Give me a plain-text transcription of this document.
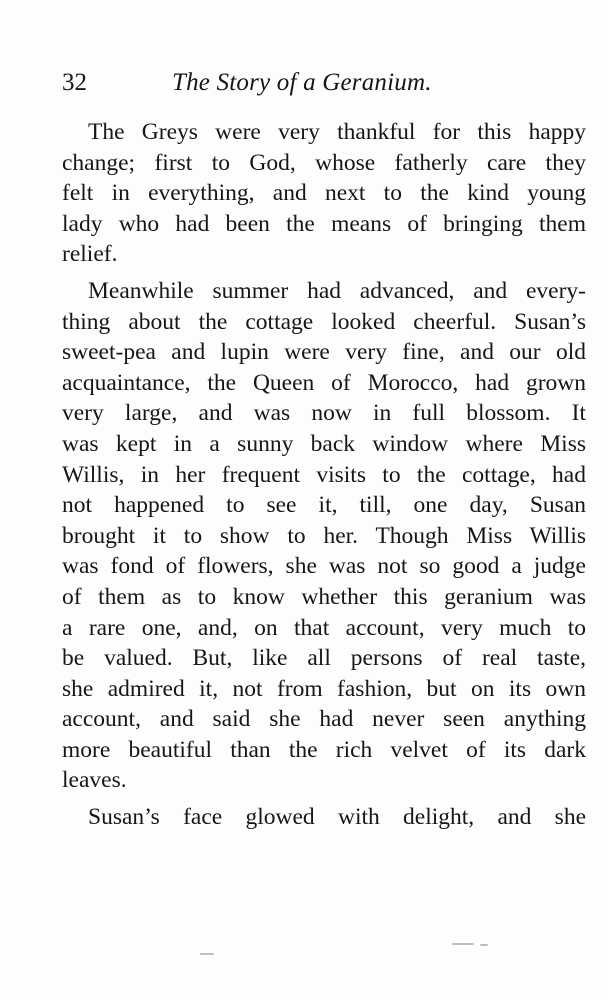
32	The Story of a Geranium.
The Greys were very thankful for this happy
change; first to God, whose fatherly care they
felt in everything, and next to the kind young
lady who had been the means of bringing them
relief.
Meanwhile summer had advanced, and every-
thing about the cottage looked cheerful. Susan’s
sweet-pea and lupin were very fine, and our old
acquaintance, the Queen of Morocco, had grown
very large, and was now in full blossom. It
was kept in a sunny back window where Miss
Willis, in her frequent visits to the cottage, had
not happened to see it, till, one day, Susan
brought it to show to her. Though Miss Willis
was fond of flowers, she was not so good a judge
of them as to know whether this geranium was
a rare one, and, on that account, very much to
be valued. But, like all persons of real taste,
she admired it, not from fashion, but on its own
account, and said she had never seen anything
more beautiful than the rich velvet of its dark
leaves.
Susan’s face glowed with delight, and she
